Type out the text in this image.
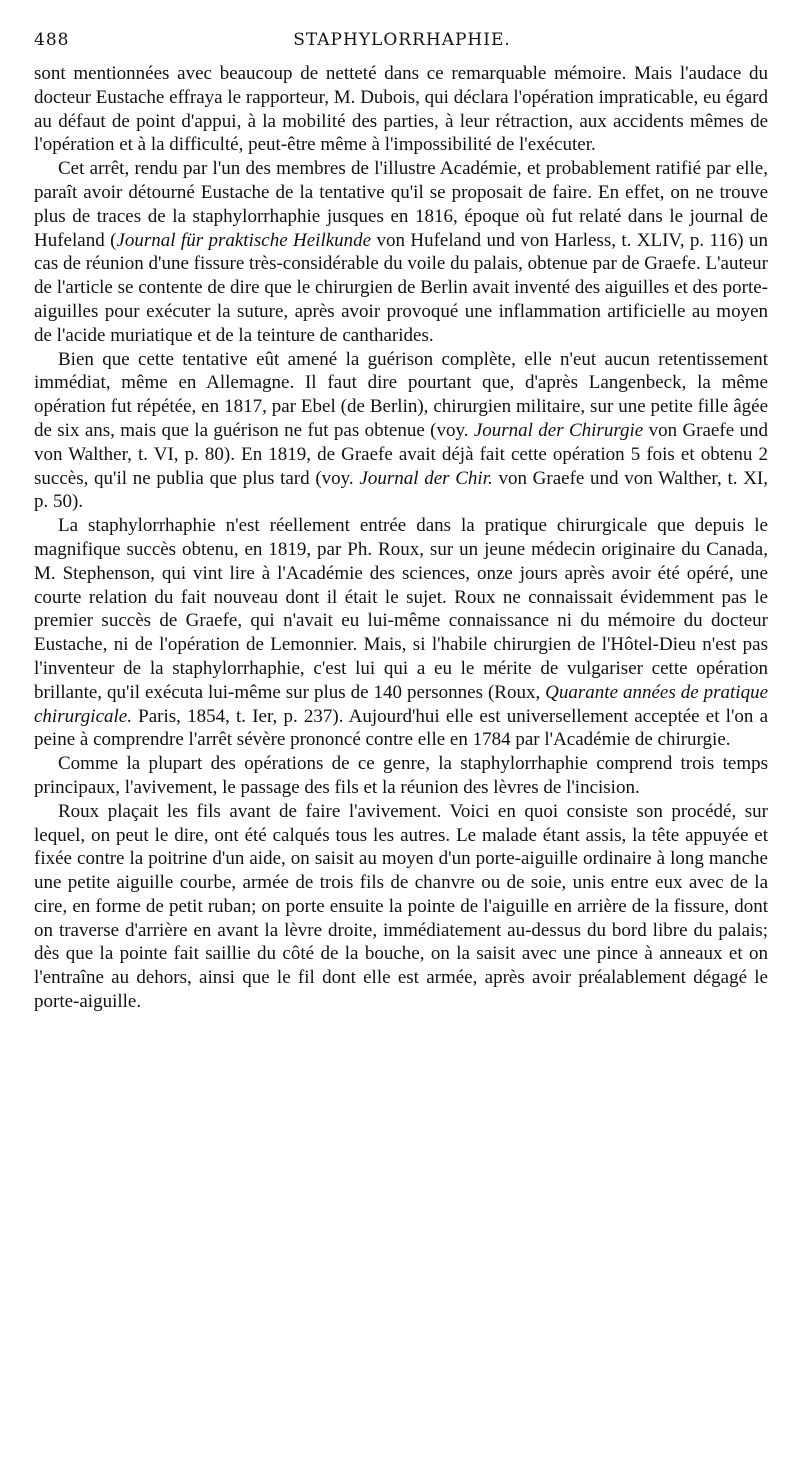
488	STAPHYLORRHAPHIE.

sont mentionnées avec beaucoup de netteté dans ce remarquable mémoire. Mais l'audace du docteur Eustache effraya le rapporteur, M. Dubois, qui déclara l'opération impraticable, eu égard au défaut de point d'appui, à la mobilité des parties, à leur rétraction, aux accidents mêmes de l'opération et à la difficulté, peut-être même à l'impossibilité de l'exécuter.

Cet arrêt, rendu par l'un des membres de l'illustre Académie, et probablement ratifié par elle, paraît avoir détourné Eustache de la tentative qu'il se proposait de faire. En effet, on ne trouve plus de traces de la staphylorrhaphie jusques en 1816, époque où fut relaté dans le journal de Hufeland (Journal für praktische Heilkunde von Hufeland und von Harless, t. XLIV, p. 116) un cas de réunion d'une fissure très-considérable du voile du palais, obtenue par de Graefe. L'auteur de l'article se contente de dire que le chirurgien de Berlin avait inventé des aiguilles et des porte-aiguilles pour exécuter la suture, après avoir provoqué une inflammation artificielle au moyen de l'acide muriatique et de la teinture de cantharides.

Bien que cette tentative eût amené la guérison complète, elle n'eut aucun retentissement immédiat, même en Allemagne. Il faut dire pourtant que, d'après Langenbeck, la même opération fut répétée, en 1817, par Ebel (de Berlin), chirurgien militaire, sur une petite fille âgée de six ans, mais que la guérison ne fut pas obtenue (voy. Journal der Chirurgie von Graefe und von Walther, t. VI, p. 80). En 1819, de Graefe avait déjà fait cette opération 5 fois et obtenu 2 succès, qu'il ne publia que plus tard (voy. Journal der Chir. von Graefe und von Walther, t. XI, p. 50).

La staphylorrhaphie n'est réellement entrée dans la pratique chirurgicale que depuis le magnifique succès obtenu, en 1819, par Ph. Roux, sur un jeune médecin originaire du Canada, M. Stephenson, qui vint lire à l'Académie des sciences, onze jours après avoir été opéré, une courte relation du fait nouveau dont il était le sujet. Roux ne connaissait évidemment pas le premier succès de Graefe, qui n'avait eu lui-même connaissance ni du mémoire du docteur Eustache, ni de l'opération de Lemonnier. Mais, si l'habile chirurgien de l'Hôtel-Dieu n'est pas l'inventeur de la staphylorrhaphie, c'est lui qui a eu le mérite de vulgariser cette opération brillante, qu'il exécuta lui-même sur plus de 140 personnes (Roux, Quarante années de pratique chirurgicale. Paris, 1854, t. Ier, p. 237). Aujourd'hui elle est universellement acceptée et l'on a peine à comprendre l'arrêt sévère prononcé contre elle en 1784 par l'Académie de chirurgie.

Comme la plupart des opérations de ce genre, la staphylorrhaphie comprend trois temps principaux, l'avivement, le passage des fils et la réunion des lèvres de l'incision.

Roux plaçait les fils avant de faire l'avivement. Voici en quoi consiste son procédé, sur lequel, on peut le dire, ont été calqués tous les autres. Le malade étant assis, la tête appuyée et fixée contre la poitrine d'un aide, on saisit au moyen d'un porte-aiguille ordinaire à long manche une petite aiguille courbe, armée de trois fils de chanvre ou de soie, unis entre eux avec de la cire, en forme de petit ruban; on porte ensuite la pointe de l'aiguille en arrière de la fissure, dont on traverse d'arrière en avant la lèvre droite, immédiatement au-dessus du bord libre du palais; dès que la pointe fait saillie du côté de la bouche, on la saisit avec une pince à anneaux et on l'entraîne au dehors, ainsi que le fil dont elle est armée, après avoir préalablement dégagé le porte-aiguille.
